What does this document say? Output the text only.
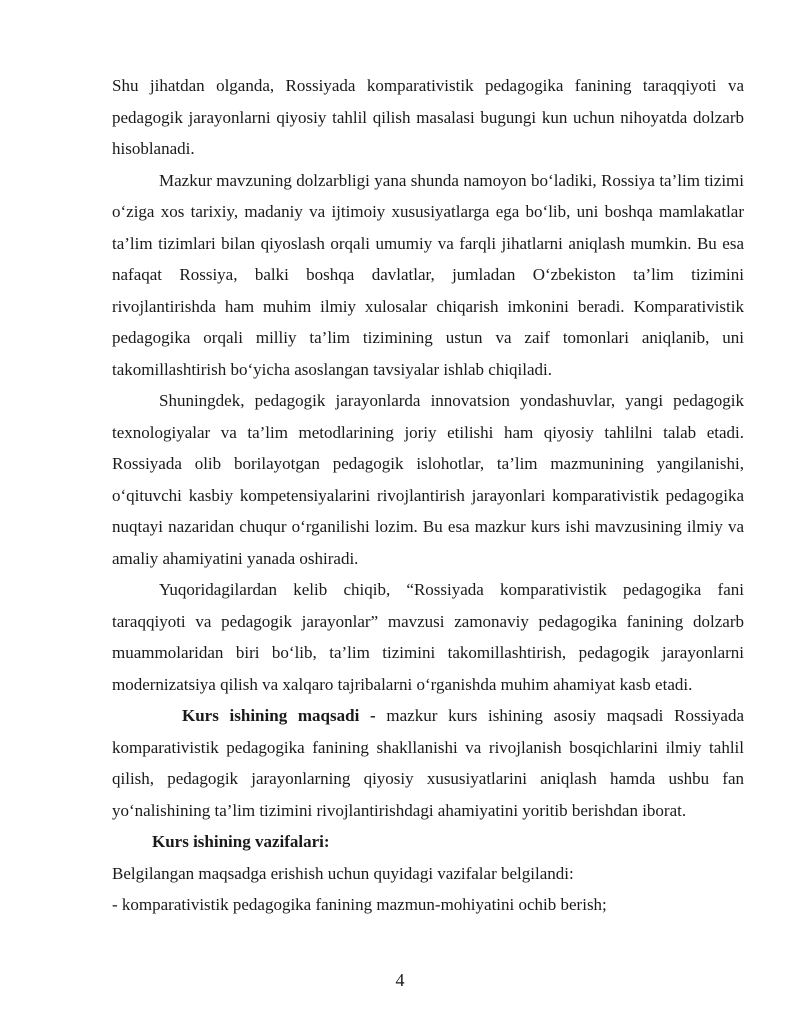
Shu jihatdan olganda, Rossiyada komparativistik pedagogika fanining taraqqiyoti va pedagogik jarayonlarni qiyosiy tahlil qilish masalasi bugungi kun uchun nihoyatda dolzarb hisoblanadi.

Mazkur mavzuning dolzarbligi yana shunda namoyon bo‘ladiki, Rossiya ta’lim tizimi o‘ziga xos tarixiy, madaniy va ijtimoiy xususiyatlarga ega bo‘lib, uni boshqa mamlakatlar ta’lim tizimlari bilan qiyoslash orqali umumiy va farqli jihatlarni aniqlash mumkin. Bu esa nafaqat Rossiya, balki boshqa davlatlar, jumladan O‘zbekiston ta’lim tizimini rivojlantirishda ham muhim ilmiy xulosalar chiqarish imkonini beradi. Komparativistik pedagogika orqali milliy ta’lim tizimining ustun va zaif tomonlari aniqlanib, uni takomillashtirish bo‘yicha asoslangan tavsiyalar ishlab chiqiladi.

Shuningdek, pedagogik jarayonlarda innovatsion yondashuvlar, yangi pedagogik texnologiyalar va ta’lim metodlarining joriy etilishi ham qiyosiy tahlilni talab etadi. Rossiyada olib borilayotgan pedagogik islohotlar, ta’lim mazmunining yangilanishi, o‘qituvchi kasbiy kompetensiyalarini rivojlantirish jarayonlari komparativistik pedagogika nuqtayi nazaridan chuqur o‘rganilishi lozim. Bu esa mazkur kurs ishi mavzusining ilmiy va amaliy ahamiyatini yanada oshiradi.

Yuqoridagilardan kelib chiqib, “Rossiyada komparativistik pedagogika fani taraqqiyoti va pedagogik jarayonlar” mavzusi zamonaviy pedagogika fanining dolzarb muammolaridan biri bo‘lib, ta’lim tizimini takomillashtirish, pedagogik jarayonlarni modernizatsiya qilish va xalqaro tajribalarni o‘rganishda muhim ahamiyat kasb etadi.

Kurs ishining maqsadi - mazkur kurs ishining asosiy maqsadi Rossiyada komparativistik pedagogika fanining shakllanishi va rivojlanish bosqichlarini ilmiy tahlil qilish, pedagogik jarayonlarning qiyosiy xususiyatlarini aniqlash hamda ushbu fan yo‘nalishining ta’lim tizimini rivojlantirishdagi ahamiyatini yoritib berishdan iborat.

Kurs ishining vazifalari:

Belgilangan maqsadga erishish uchun quyidagi vazifalar belgilandi:

- komparativistik pedagogika fanining mazmun-mohiyatini ochib berish;

4
